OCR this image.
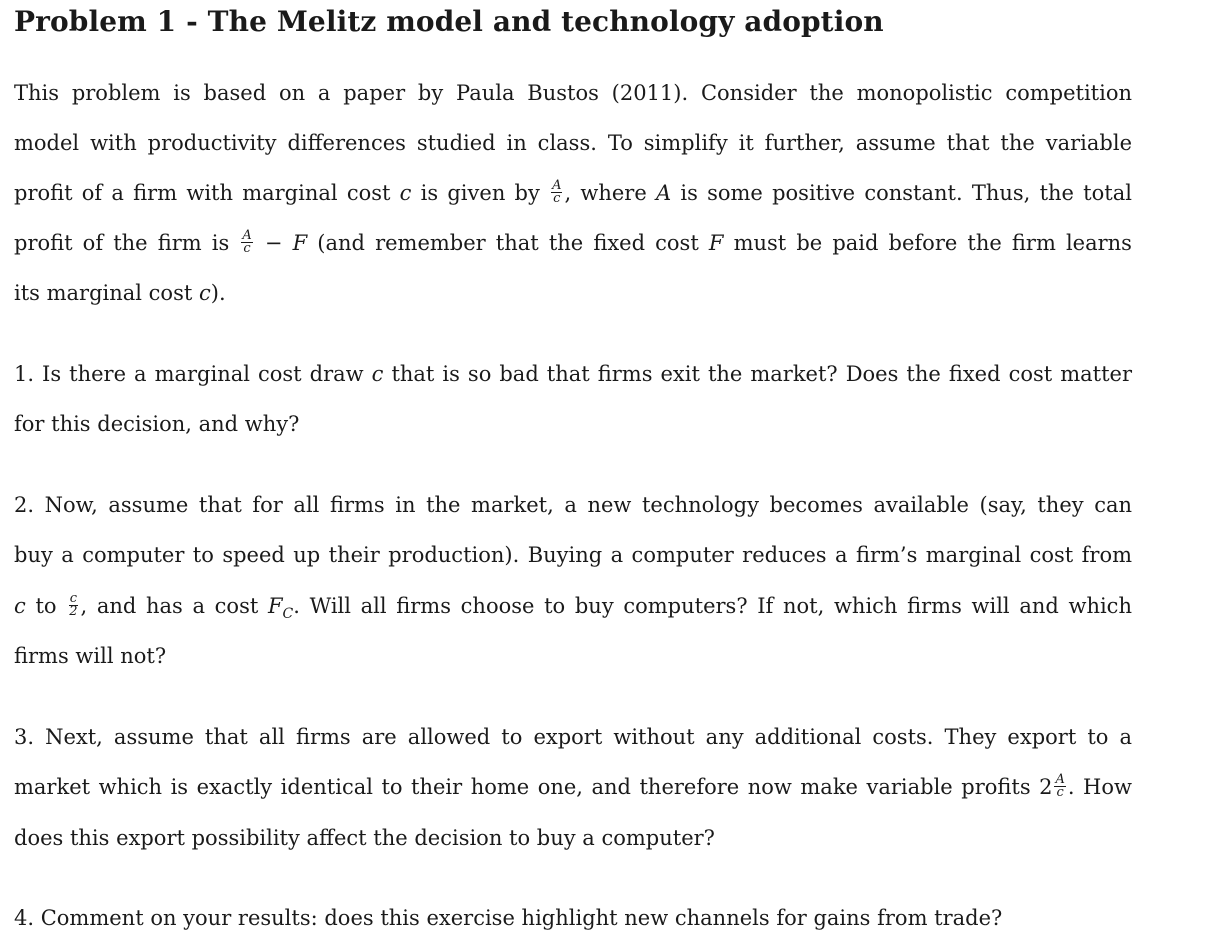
Problem 1 - The Melitz model and technology adoption
This problem is based on a paper by Paula Bustos (2011). Consider the monopolistic competition
model with productivity differences studied in class. To simplify it further, assume that the variable
profit of a firm with marginal cost c is given by $\frac{A}{c}$ , where A is some positive constant. Thus, the total
profit of the firm is $\frac{A}{c} - F$ (and remember that the fixed cost F must be paid before the firm learns
its marginal cost c).
1. Is there a marginal cost draw c that is so bad that firms exit the market? Does the fixed cost matter
for this decision, and why?
2. Now, assume that for all firms in the market, a new technology becomes available (say, they can
buy a computer to speed up their production). Buying a computer reduces a firm’s marginal cost from
c to $\frac{c}{2}$ , and has a cost $F_C$. Will all firms choose to buy computers? If not, which firms will and which
firms will not?
3. Next, assume that all firms are allowed to export without any additional costs. They export to a
market which is exactly identical to their home one, and therefore now make variable profits $2 \frac{A}{c}$ . How
does this export possibility affect the decision to buy a computer?
4. Comment on your results: does this exercise highlight new channels for gains from trade?
